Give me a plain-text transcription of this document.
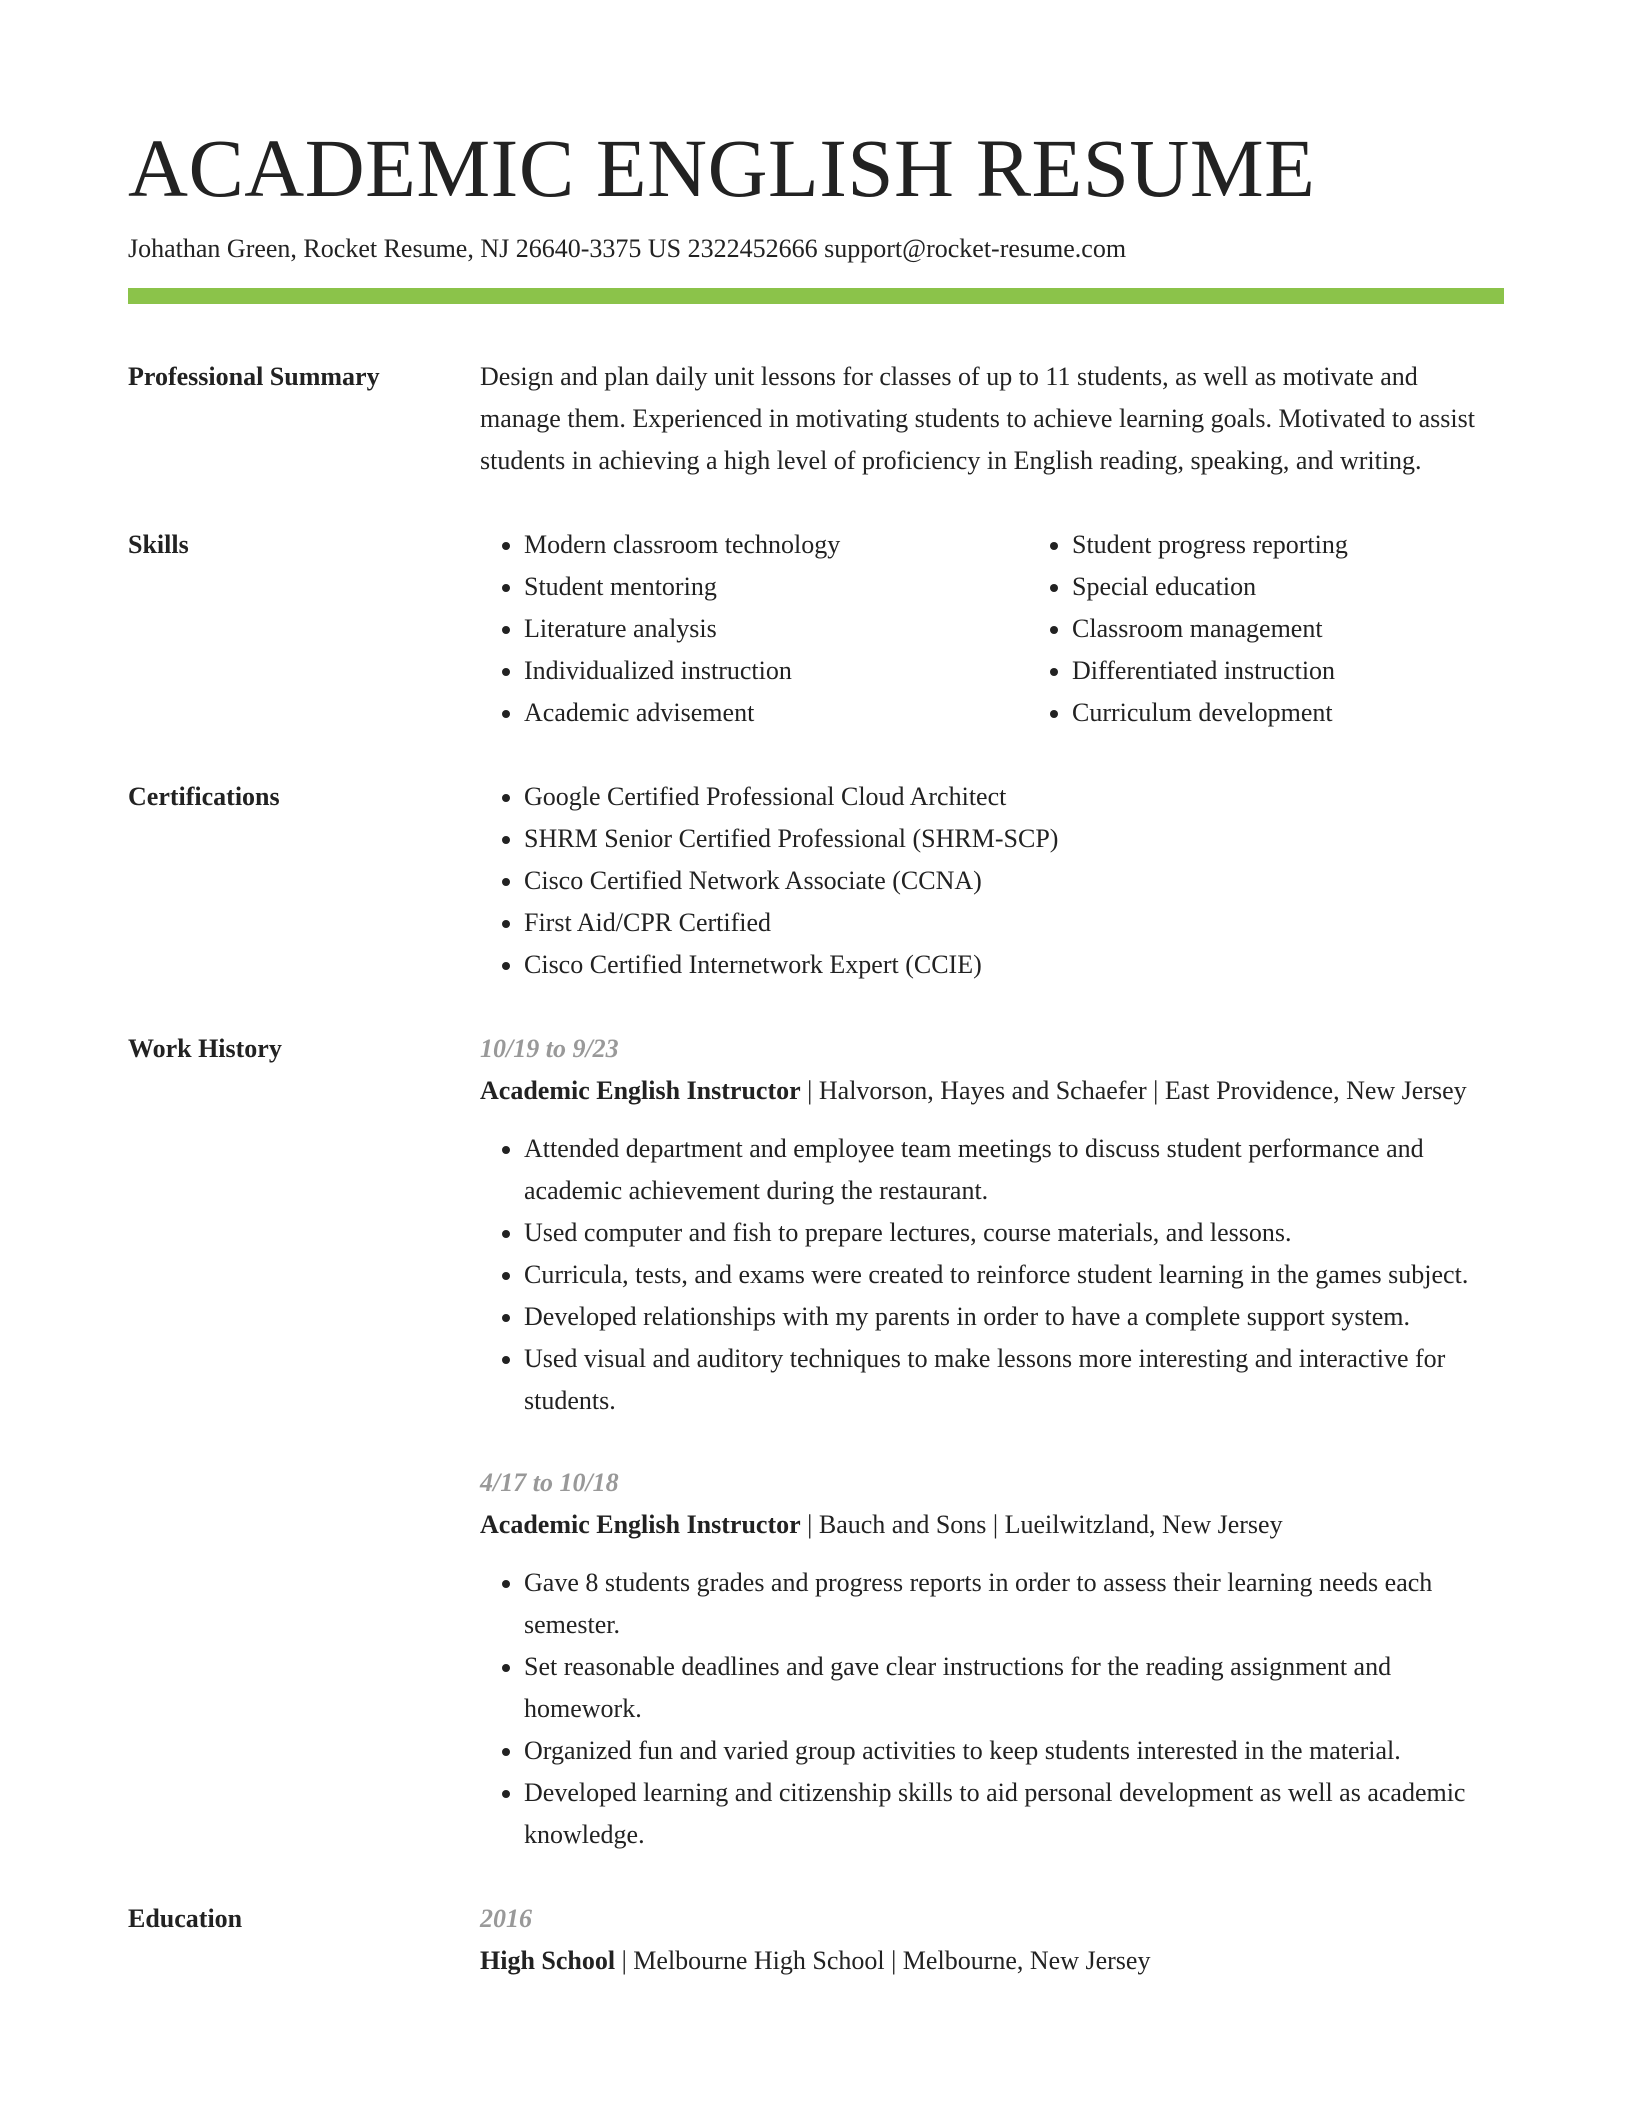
ACADEMIC ENGLISH RESUME
Johathan Green, Rocket Resume, NJ 26640-3375 US 2322452666 support@rocket-resume.com
Professional Summary	Design and plan daily unit lessons for classes of up to 11 students, as well as motivate and manage them. Experienced in motivating students to achieve learning goals. Motivated to assist students in achieving a high level of proficiency in English reading, speaking, and writing.

Skills	• Modern classroom technology
• Student mentoring
• Literature analysis
• Individualized instruction
• Academic advisement
• Student progress reporting
• Special education
• Classroom management
• Differentiated instruction
• Curriculum development
Certifications	• Google Certified Professional Cloud Architect
• SHRM Senior Certified Professional (SHRM-SCP)
• Cisco Certified Network Associate (CCNA)
• First Aid/CPR Certified
• Cisco Certified Internetwork Expert (CCIE)
Work History	10/19 to 9/23
Academic English Instructor | Halvorson, Hayes and Schaefer | East Providence, New Jersey
• Attended department and employee team meetings to discuss student performance and academic achievement during the restaurant.
• Used computer and fish to prepare lectures, course materials, and lessons.
• Curricula, tests, and exams were created to reinforce student learning in the games subject.
• Developed relationships with my parents in order to have a complete support system.
• Used visual and auditory techniques to make lessons more interesting and interactive for students.
4/17 to 10/18
Academic English Instructor | Bauch and Sons | Lueilwitzland, New Jersey
• Gave 8 students grades and progress reports in order to assess their learning needs each semester.
• Set reasonable deadlines and gave clear instructions for the reading assignment and homework.
• Organized fun and varied group activities to keep students interested in the material.
• Developed learning and citizenship skills to aid personal development as well as academic knowledge.
Education	2016
High School | Melbourne High School | Melbourne, New Jersey
